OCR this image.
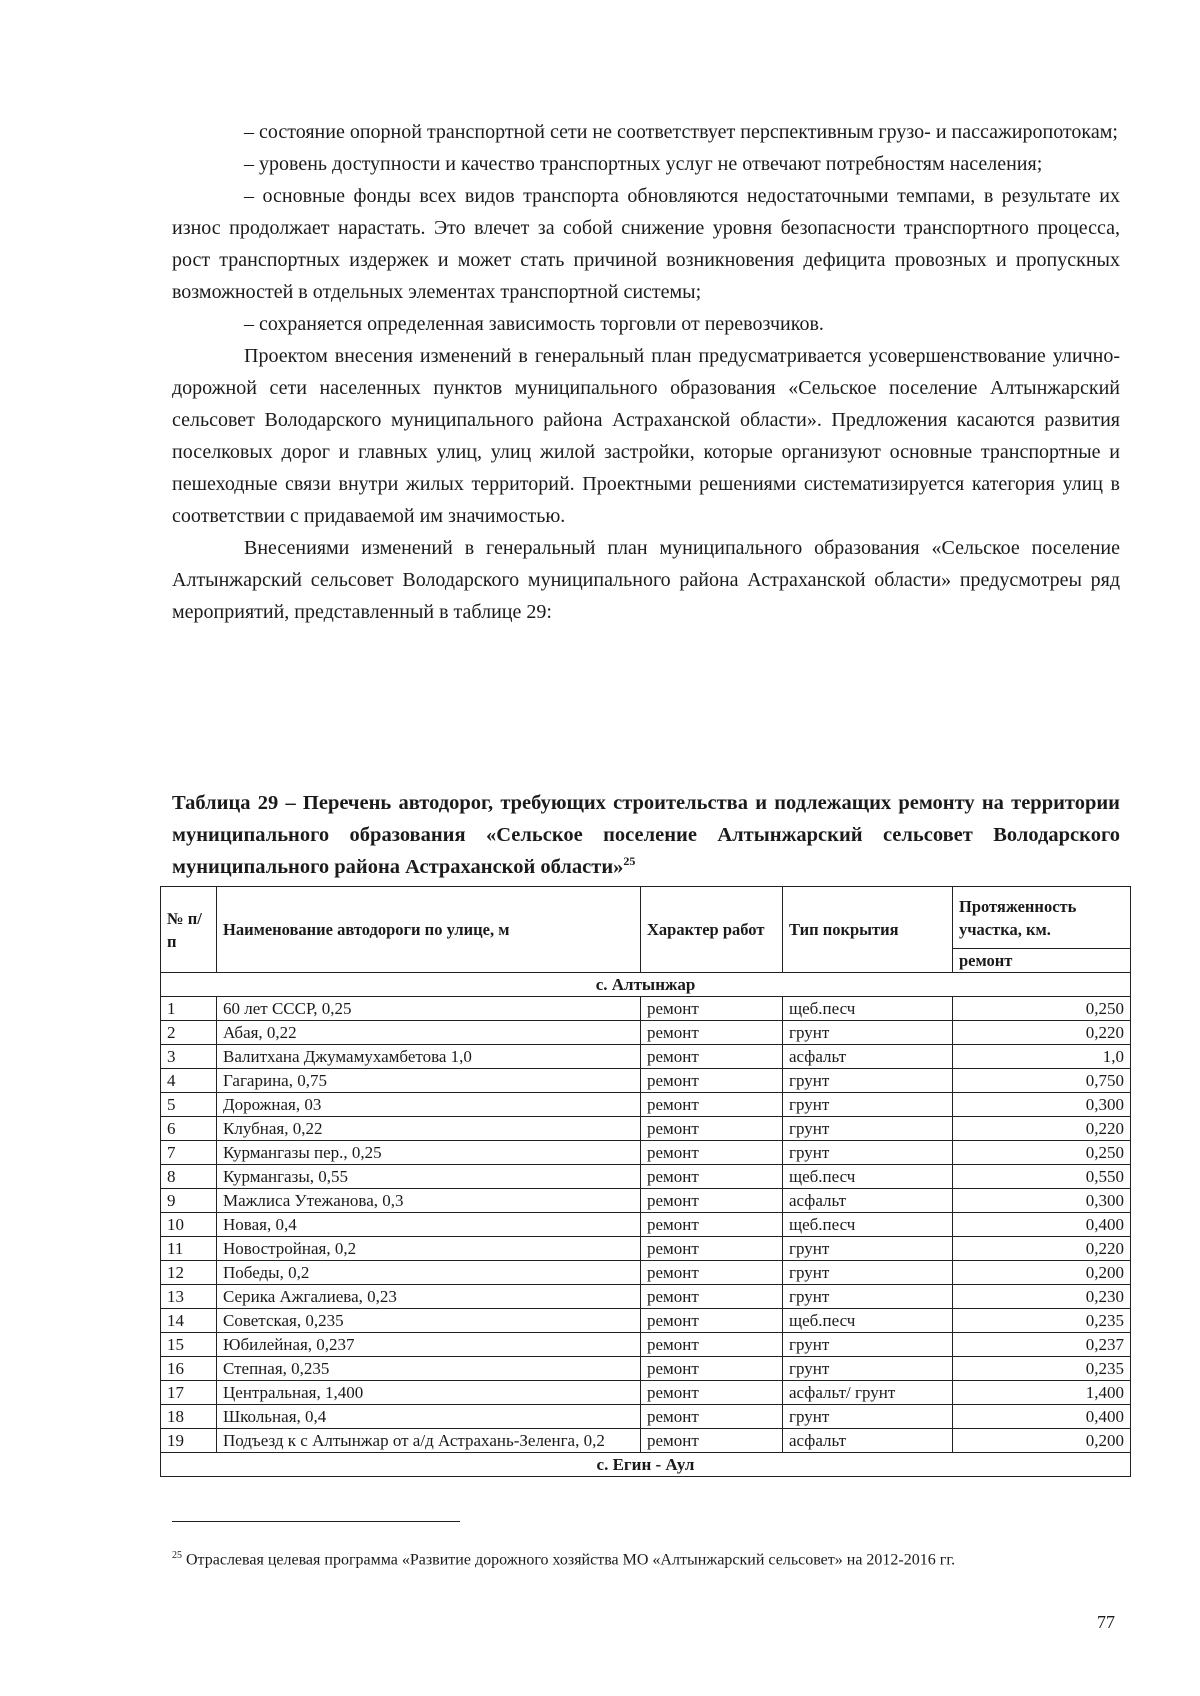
– состояние опорной транспортной сети не соответствует перспективным грузо- и пассажиропотокам;

– уровень доступности и качество транспортных услуг не отвечают потребностям населения;

– основные фонды всех видов транспорта обновляются недостаточными темпами, в результате их износ продолжает нарастать. Это влечет за собой снижение уровня безопасности транспортного процесса, рост транспортных издержек и может стать причиной возникновения дефицита провозных и пропускных возможностей в отдельных элементах транспортной системы;

– сохраняется определенная зависимость торговли от перевозчиков.

Проектом внесения изменений в генеральный план предусматривается усовершенствование улично-дорожной сети населенных пунктов муниципального образования «Сельское поселение Алтынжарский сельсовет Володарского муниципального района Астраханской области». Предложения касаются развития поселковых дорог и главных улиц, улиц жилой застройки, которые организуют основные транспортные и пешеходные связи внутри жилых территорий. Проектными решениями систематизируется категория улиц в соответствии с придаваемой им значимостью.

Внесениями изменений в генеральный план муниципального образования «Сельское поселение Алтынжарский сельсовет Володарского муниципального района Астраханской области» предусмотреы ряд мероприятий, представленный в таблице 29:

Таблица 29 – Перечень автодорог, требующих строительства и подлежащих ремонту на территории муниципального образования «Сельское поселение Алтынжарский сельсовет Володарского муниципального района Астраханской области»$^{25}$

№ п/п	Наименование автодороги по улице, м	Характер работ	Тип покрытия	Протяженность участка, км.
				ремонт
с. Алтынжар				
1	60 лет СССР, 0,25	ремонт	щеб.песч	0,250
2	Абая, 0,22	ремонт	грунт	0,220
3	Валитхана Джумамухамбетова 1,0	ремонт	асфальт	1,0
4	Гагарина, 0,75	ремонт	грунт	0,750
5	Дорожная, 03	ремонт	грунт	0,300
6	Клубная, 0,22	ремонт	грунт	0,220
7	Курмангазы пер., 0,25	ремонт	грунт	0,250
8	Курмангазы, 0,55	ремонт	щеб.песч	0,550
9	Мажлиса Утежанова, 0,3	ремонт	асфальт	0,300
10	Новая, 0,4	ремонт	щеб.песч	0,400
11	Новостройная, 0,2	ремонт	грунт	0,220
12	Победы, 0,2	ремонт	грунт	0,200
13	Серика Ажгалиева, 0,23	ремонт	грунт	0,230
14	Советская, 0,235	ремонт	щеб.песч	0,235
15	Юбилейная, 0,237	ремонт	грунт	0,237
16	Степная, 0,235	ремонт	грунт	0,235
17	Центральная, 1,400	ремонт	асфальт/ грунт	1,400
18	Школьная, 0,4	ремонт	грунт	0,400
19	Подъезд к с Алтынжар от а/д Астрахань-Зеленга, 0,2	ремонт	асфальт	0,200
с. Егин - Аул				

$^{25}$ Отраслевая целевая программа «Развитие дорожного хозяйства МО «Алтынжарский сельсовет» на 2012-2016 гг.

77
